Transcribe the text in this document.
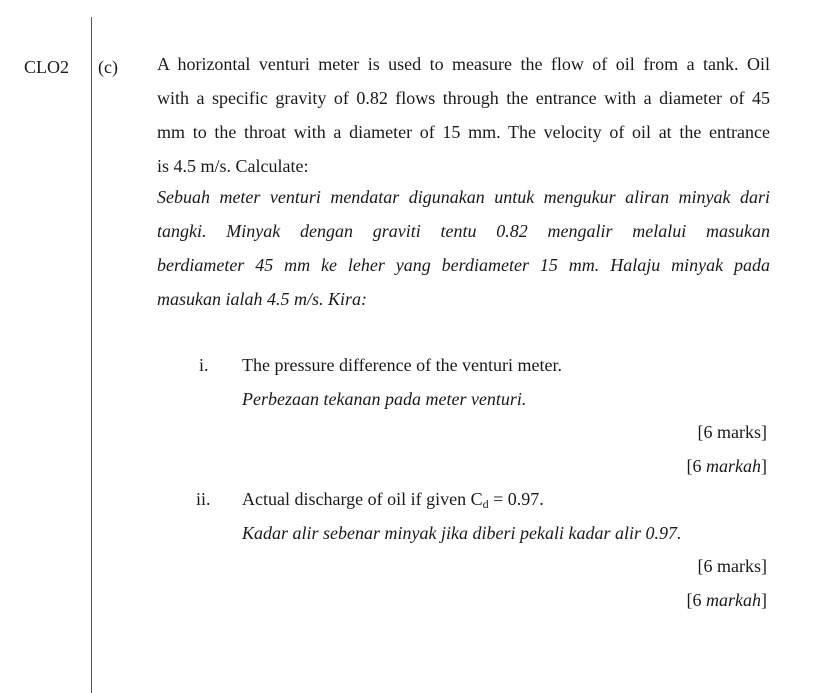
CLO2 (c) A horizontal venturi meter is used to measure the flow of oil from a tank. Oil
with a specific gravity of 0.82 flows through the entrance with a diameter of 45
mm to the throat with a diameter of 15 mm. The velocity of oil at the entrance
is 4.5 m/s. Calculate:
Sebuah meter venturi mendatar digunakan untuk mengukur aliran minyak dari
tangki. Minyak dengan graviti tentu 0.82 mengalir melalui masukan
berdiameter 45 mm ke leher yang berdiameter 15 mm. Halaju minyak pada
masukan ialah 4.5 m/s. Kira:
i. The pressure difference of the venturi meter.
Perbezaan tekanan pada meter venturi.
[6 marks]
[6 markah]
ii. Actual discharge of oil if given $C_d = 0.97$.
Kadar alir sebenar minyak jika diberi pekali kadar alir 0.97.
[6 marks]
[6 markah]
